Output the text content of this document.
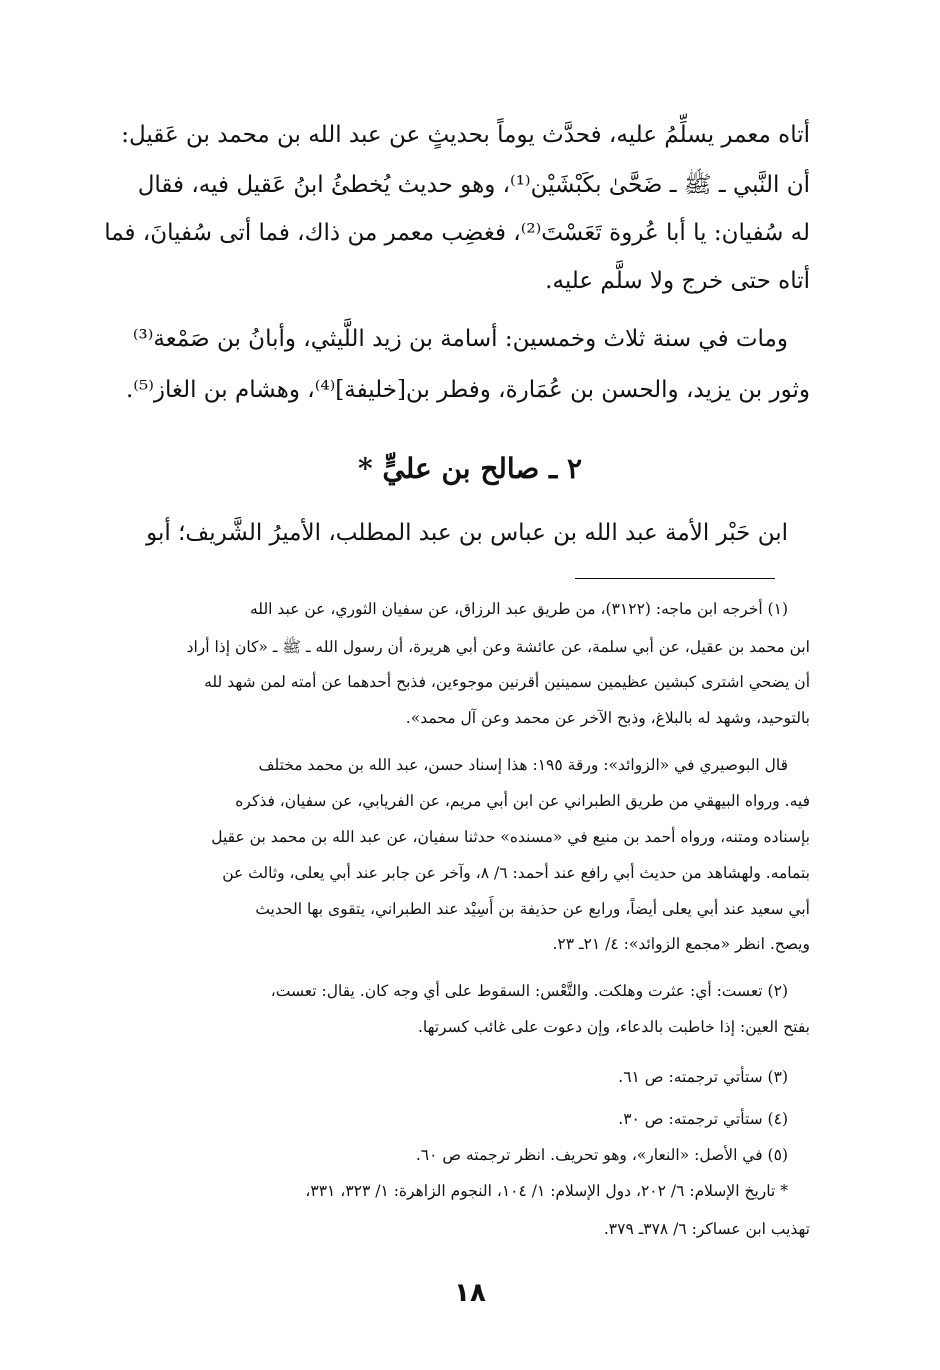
أتاه معمر يسلِّمُ عليه، فحدَّث يوماً بحديثٍ عن عبد الله بن محمد بن عَقيل:
أن النَّبي ـ ﷺ ـ ضَحَّىٰ بكَبْشَيْن⁽¹⁾، وهو حديث يُخطئُ ابنُ عَقيل فيه، فقال
له سُفيان: يا أبا عُروة تَعَسْتَ⁽²⁾، فغضِب معمر من ذاك، فما أتى سُفيانَ، فما
أتاه حتى خرج ولا سلَّم عليه.
ومات في سنة ثلاث وخمسين: أسامة بن زيد اللَّيثي، وأبانُ بن صَمْعة⁽³⁾
وثور بن يزيد، والحسن بن عُمَارة، وفطر بن[خليفة]⁽⁴⁾، وهشام بن الغاز⁽⁵⁾.
٢ ـ صالح بن عليٍّ *
ابن حَبْر الأمة عبد الله بن عباس بن عبد المطلب، الأميرُ الشَّريف؛ أبو
(١) أخرجه ابن ماجه: (٣١٢٢)، من طريق عبد الرزاق، عن سفيان الثوري، عن عبد الله
ابن محمد بن عقيل، عن أبي سلمة، عن عائشة وعن أبي هريرة، أن رسول الله ـ ﷺ ـ «كان إذا أراد
أن يضحي اشترى كبشين عظيمين سمينين أقرنين موجوءين، فذبح أحدهما عن أمته لمن شهد لله
بالتوحيد، وشهد له بالبلاغ، وذبح الآخر عن محمد وعن آل محمد».
قال البوصيري في «الزوائد»: ورقة ١٩٥: هذا إسناد حسن، عبد الله بن محمد مختلف
فيه. ورواه البيهقي من طريق الطبراني عن ابن أبي مريم، عن الفريابي، عن سفيان، فذكره
بإسناده ومتنه، ورواه أحمد بن منيع في «مسنده» حدثنا سفيان، عن عبد الله بن محمد بن عقيل
بتمامه. ولهشاهد من حديث أبي رافع عند أحمد: ٦/ ٨، وآخر عن جابر عند أبي يعلى، وثالث عن
أبي سعيد عند أبي يعلى أيضاً، ورابع عن حذيفة بن أَسِيْد عند الطبراني، يتقوى بها الحديث
ويصح. انظر «مجمع الزوائد»: ٤/ ٢١ـ ٢٣.
(٢) تعست: أي: عثرت وهلكت. والتَّعْس: السقوط على أي وجه كان. يقال: تعست،
بفتح العين: إذا خاطبت بالدعاء، وإن دعوت على غائب كسرتها.
(٣) ستأتي ترجمته: ص ٦١.
(٤) ستأتي ترجمته: ص ٣٠.
(٥) في الأصل: «النعار»، وهو تحريف. انظر ترجمته ص ٦٠.
* تاريخ الإسلام: ٦/ ٢٠٢، دول الإسلام: ١/ ١٠٤، النجوم الزاهرة: ١/ ٣٢٣، ٣٣١،
تهذيب ابن عساكر: ٦/ ٣٧٨ـ ٣٧٩.
١٨
